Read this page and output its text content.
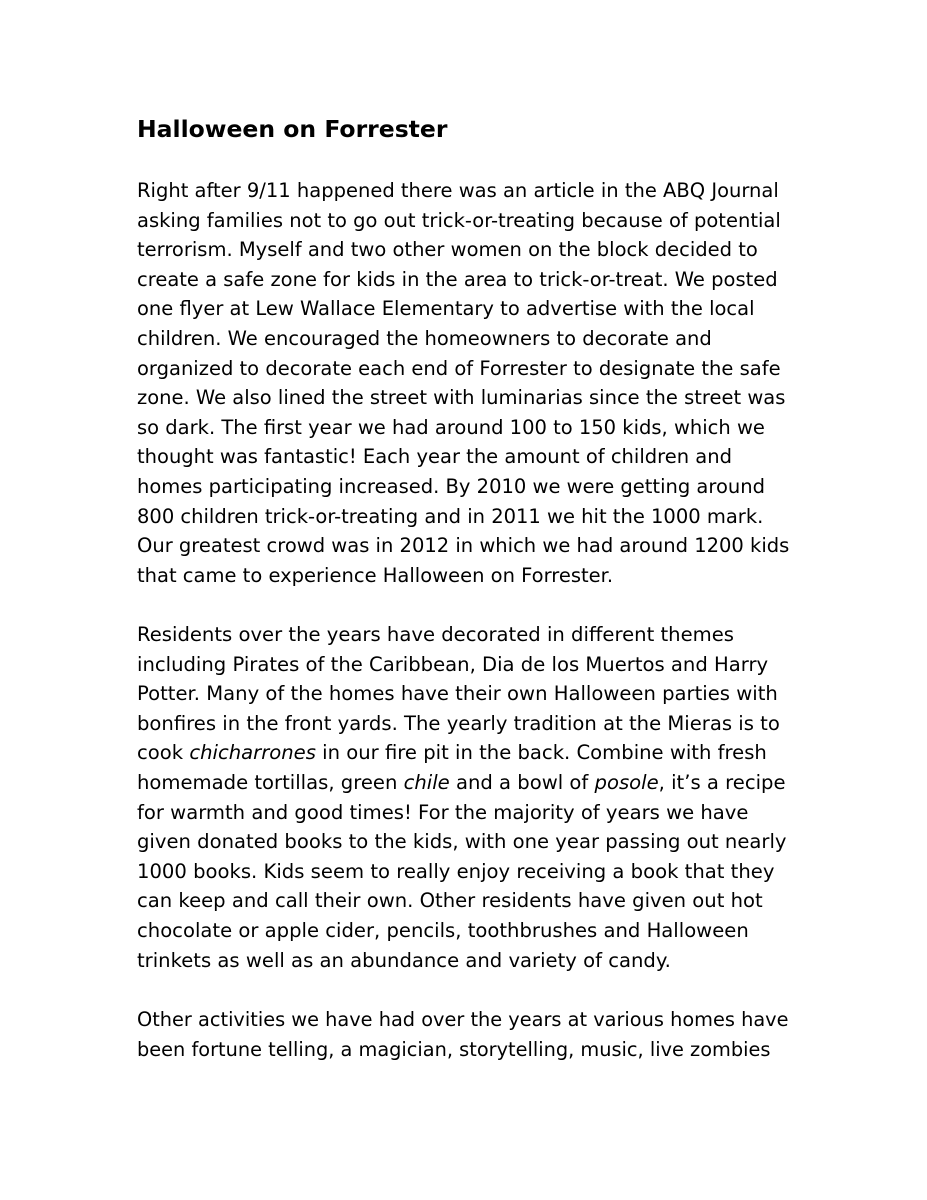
Halloween on Forrester
Right after 9/11 happened there was an article in the ABQ Journal
asking families not to go out trick-or-treating because of potential
terrorism. Myself and two other women on the block decided to
create a safe zone for kids in the area to trick-or-treat. We posted
one flyer at Lew Wallace Elementary to advertise with the local
children. We encouraged the homeowners to decorate and
organized to decorate each end of Forrester to designate the safe
zone. We also lined the street with luminarias since the street was
so dark. The first year we had around 100 to 150 kids, which we
thought was fantastic! Each year the amount of children and
homes participating increased. By 2010 we were getting around
800 children trick-or-treating and in 2011 we hit the 1000 mark.
Our greatest crowd was in 2012 in which we had around 1200 kids
that came to experience Halloween on Forrester.
Residents over the years have decorated in different themes
including Pirates of the Caribbean, Dia de los Muertos and Harry
Potter. Many of the homes have their own Halloween parties with
bonfires in the front yards. The yearly tradition at the Mieras is to
cook chicharrones in our fire pit in the back. Combine with fresh
homemade tortillas, green chile and a bowl of posole, it’s a recipe
for warmth and good times! For the majority of years we have
given donated books to the kids, with one year passing out nearly
1000 books. Kids seem to really enjoy receiving a book that they
can keep and call their own. Other residents have given out hot
chocolate or apple cider, pencils, toothbrushes and Halloween
trinkets as well as an abundance and variety of candy.
Other activities we have had over the years at various homes have
been fortune telling, a magician, storytelling, music, live zombies
